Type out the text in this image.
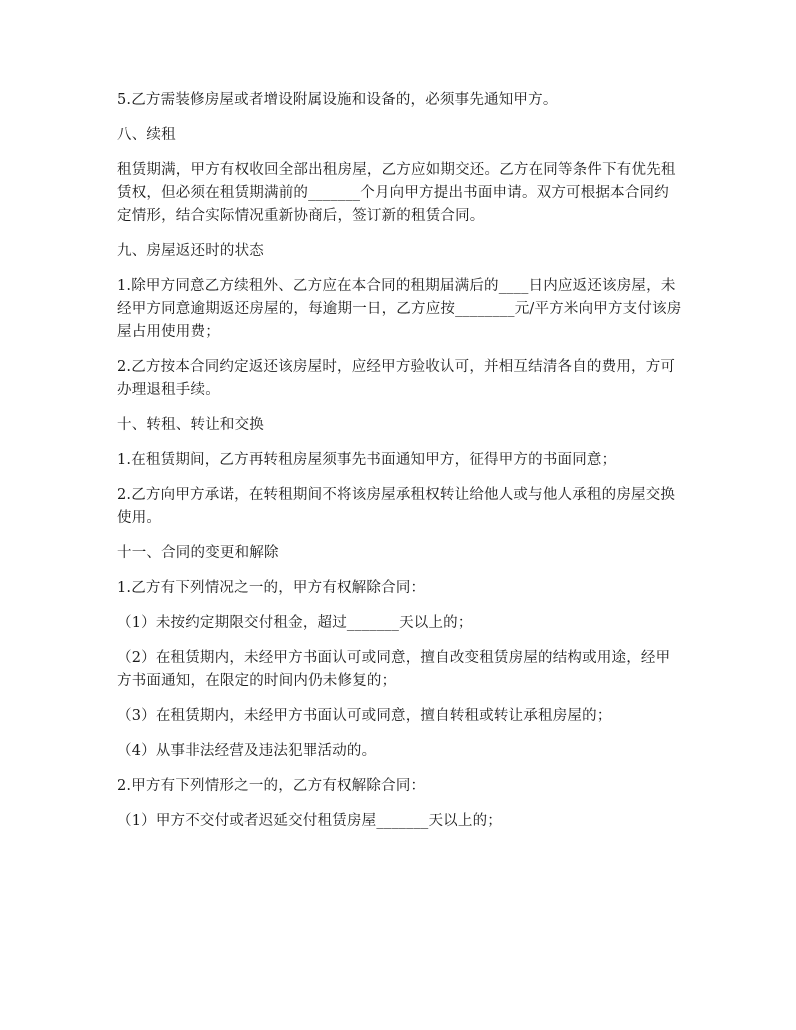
5.乙方需装修房屋或者增设附属设施和设备的，必须事先通知甲方。

八、续租

租赁期满，甲方有权收回全部出租房屋，乙方应如期交还。乙方在同等条件下有优先租赁权，但必须在租赁期满前的_______个月向甲方提出书面申请。双方可根据本合同约定情形，结合实际情况重新协商后，签订新的租赁合同。

九、房屋返还时的状态

1.除甲方同意乙方续租外、乙方应在本合同的租期届满后的____日内应返还该房屋，未经甲方同意逾期返还房屋的，每逾期一日，乙方应按________元/平方米向甲方支付该房屋占用使用费；

2.乙方按本合同约定返还该房屋时，应经甲方验收认可，并相互结清各自的费用，方可办理退租手续。

十、转租、转让和交换

1.在租赁期间，乙方再转租房屋须事先书面通知甲方，征得甲方的书面同意；

2.乙方向甲方承诺，在转租期间不将该房屋承租权转让给他人或与他人承租的房屋交换使用。

十一、合同的变更和解除

1.乙方有下列情况之一的，甲方有权解除合同：

（1）未按约定期限交付租金，超过_______天以上的；

（2）在租赁期内，未经甲方书面认可或同意，擅自改变租赁房屋的结构或用途，经甲方书面通知，在限定的时间内仍未修复的；

（3）在租赁期内，未经甲方书面认可或同意，擅自转租或转让承租房屋的；

（4）从事非法经营及违法犯罪活动的。

2.甲方有下列情形之一的，乙方有权解除合同：

（1）甲方不交付或者迟延交付租赁房屋_______天以上的；
